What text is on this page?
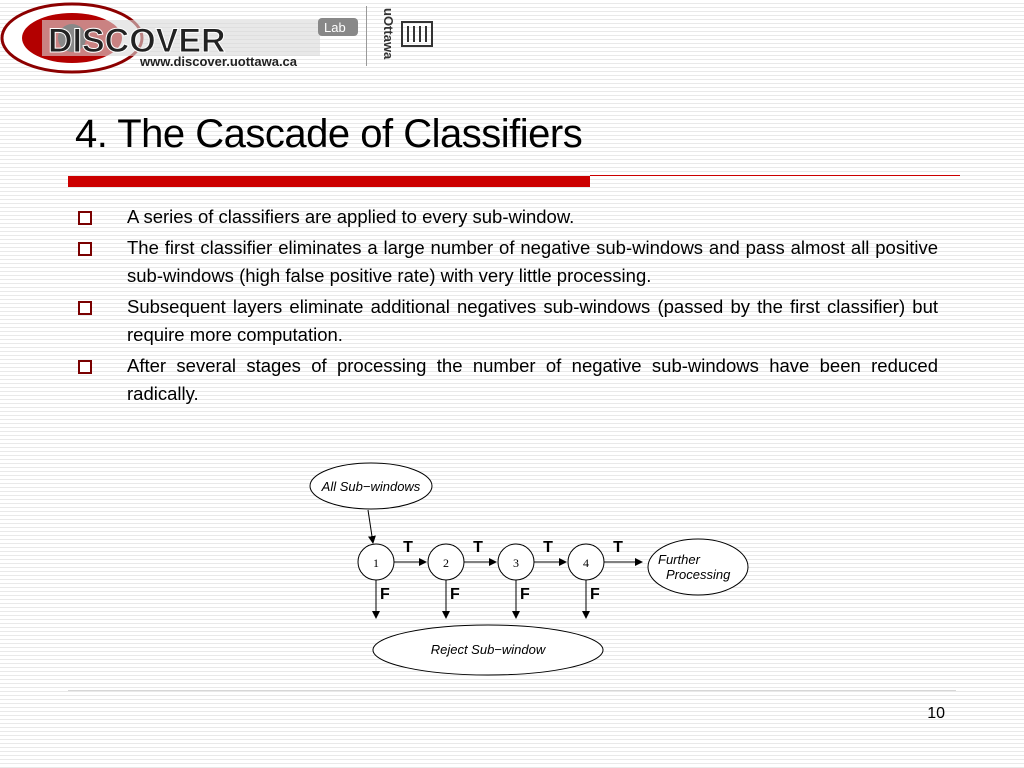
DISCOVER	Lab
www.discover.uottawa.ca
uOttawa
4. The Cascade of Classifiers
A series of classifiers are applied to every sub-window.
The first classifier eliminates a large number of negative sub-windows and pass almost all positive sub-windows (high false positive rate) with very little processing.
Subsequent layers eliminate additional negatives sub-windows (passed by the first classifier) but require more computation.
After several stages of processing the number of negative sub-windows have been reduced radically.
All Sub−windows
1	2	3	4
T	T	T	T
Further
Processing
F	F	F	F
Reject Sub−window
10
